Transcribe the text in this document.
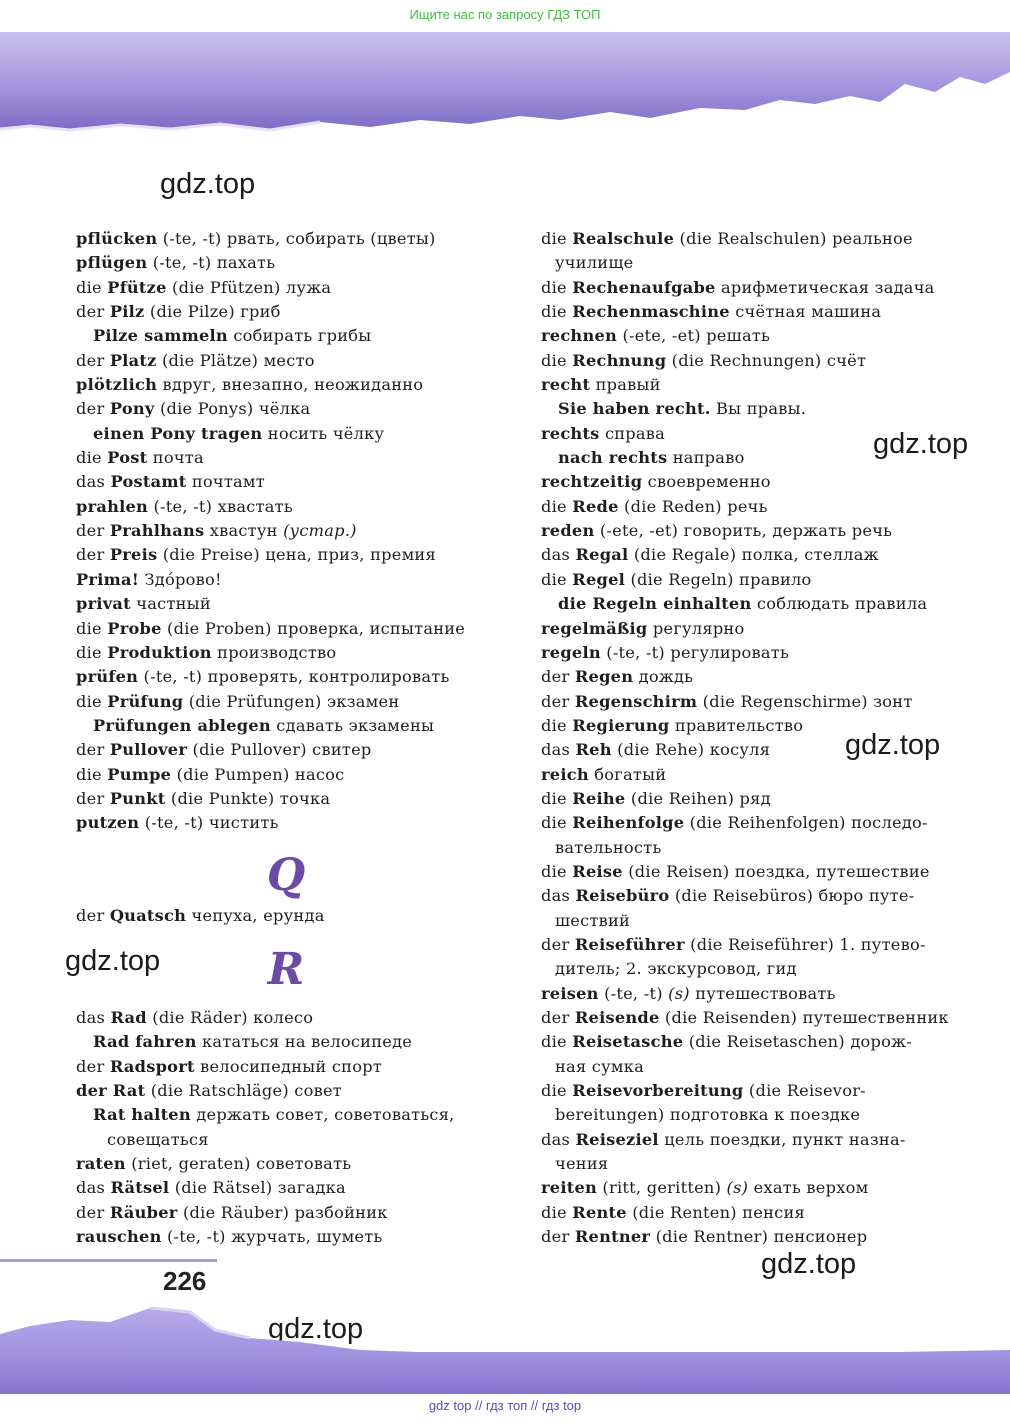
Ищите нас по запросу ГДЗ ТОП
gdz.top
gdz.top
gdz.top
gdz.top
gdz.top
gdz.top
pflücken (-te, -t) рвать, собирать (цветы)
pflügen (-te, -t) пахать
die Pfütze (die Pfützen) лужа
der Pilz (die Pilze) гриб
Pilze sammeln собирать грибы
der Platz (die Plätze) место
plötzlich вдруг, внезапно, неожиданно
der Pony (die Ponys) чёлка
einen Pony tragen носить чёлку
die Post почта
das Postamt почтамт
prahlen (-te, -t) хвастать
der Prahlhans хвастун (устар.)
der Preis (die Preise) цена, приз, премия
Prima! Здо́рово!
privat частный
die Probe (die Proben) проверка, испытание
die Produktion производство
prüfen (-te, -t) проверять, контролировать
die Prüfung (die Prüfungen) экзамен
Prüfungen ablegen сдавать экзамены
der Pullover (die Pullover) свитер
die Pumpe (die Pumpen) насос
der Punkt (die Punkte) точка
putzen (-te, -t) чистить
Q
der Quatsch чепуха, ерунда
R
das Rad (die Räder) колесо
Rad fahren кататься на велосипеде
der Radsport велосипедный спорт
der Rat (die Ratschläge) совет
Rat halten держать совет, советоваться,
совещаться
raten (riet, geraten) советовать
das Rätsel (die Rätsel) загадка
der Räuber (die Räuber) разбойник
rauschen (-te, -t) журчать, шуметь
die Realschule (die Realschulen) реальное
училище
die Rechenaufgabe арифметическая задача
die Rechenmaschine счётная машина
rechnen (-ete, -et) решать
die Rechnung (die Rechnungen) счёт
recht правый
Sie haben recht. Вы правы.
rechts справа
nach rechts направо
rechtzeitig своевременно
die Rede (die Reden) речь
reden (-ete, -et) говорить, держать речь
das Regal (die Regale) полка, стеллаж
die Regel (die Regeln) правило
die Regeln einhalten соблюдать правила
regelmäßig регулярно
regeln (-te, -t) регулировать
der Regen дождь
der Regenschirm (die Regenschirme) зонт
die Regierung правительство
das Reh (die Rehe) косуля
reich богатый
die Reihe (die Reihen) ряд
die Reihenfolge (die Reihenfolgen) последо-
вательность
die Reise (die Reisen) поездка, путешествие
das Reisebüro (die Reisebüros) бюро путе-
шествий
der Reiseführer (die Reiseführer) 1. путево-
дитель; 2. экскурсовод, гид
reisen (-te, -t) (s) путешествовать
der Reisende (die Reisenden) путешественник
die Reisetasche (die Reisetaschen) дорож-
ная сумка
die Reisevorbereitung (die Reisevor-
bereitungen) подготовка к поездке
das Reiseziel цель поездки, пункт назна-
чения
reiten (ritt, geritten) (s) ехать верхом
die Rente (die Renten) пенсия
der Rentner (die Rentner) пенсионер
226
gdz top // гдз топ // гдз top
